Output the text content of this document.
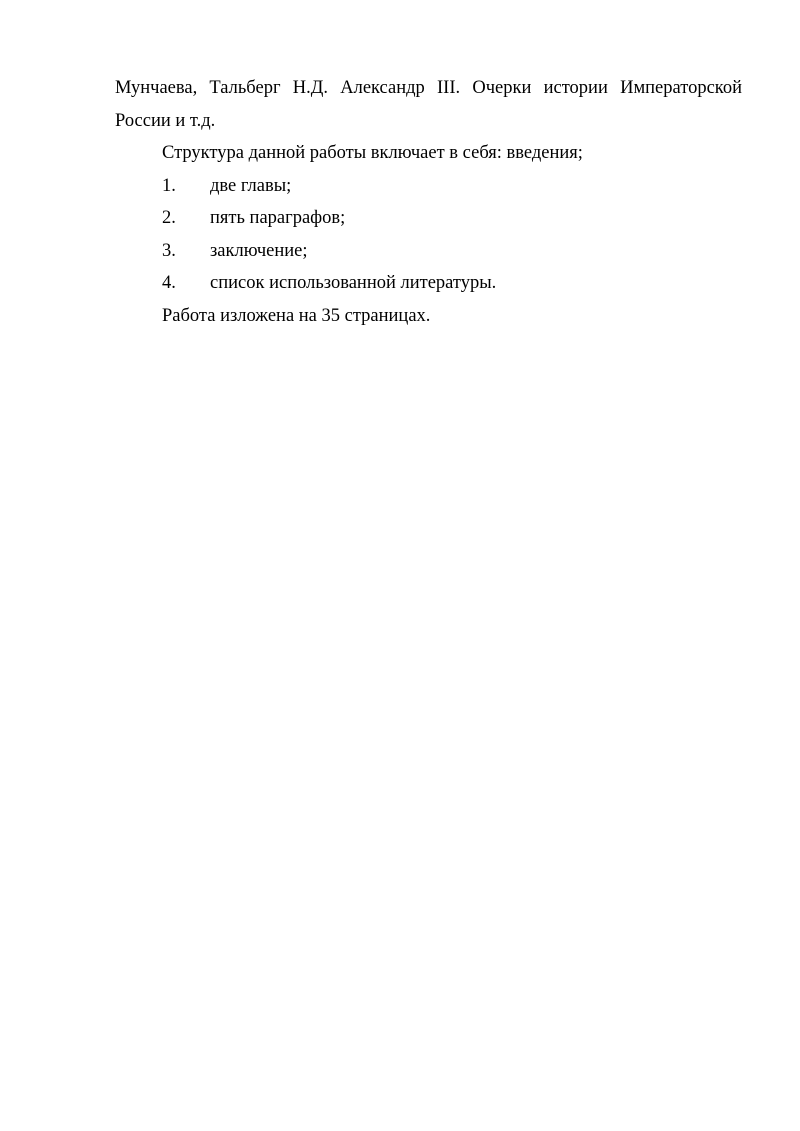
Мунчаева, Тальберг Н.Д. Александр III. Очерки истории Императорской России и т.д.

Структура данной работы включает в себя: введения;

1. две главы;
2. пять параграфов;
3. заключение;
4. список использованной литературы.

Работа изложена на 35 страницах.
